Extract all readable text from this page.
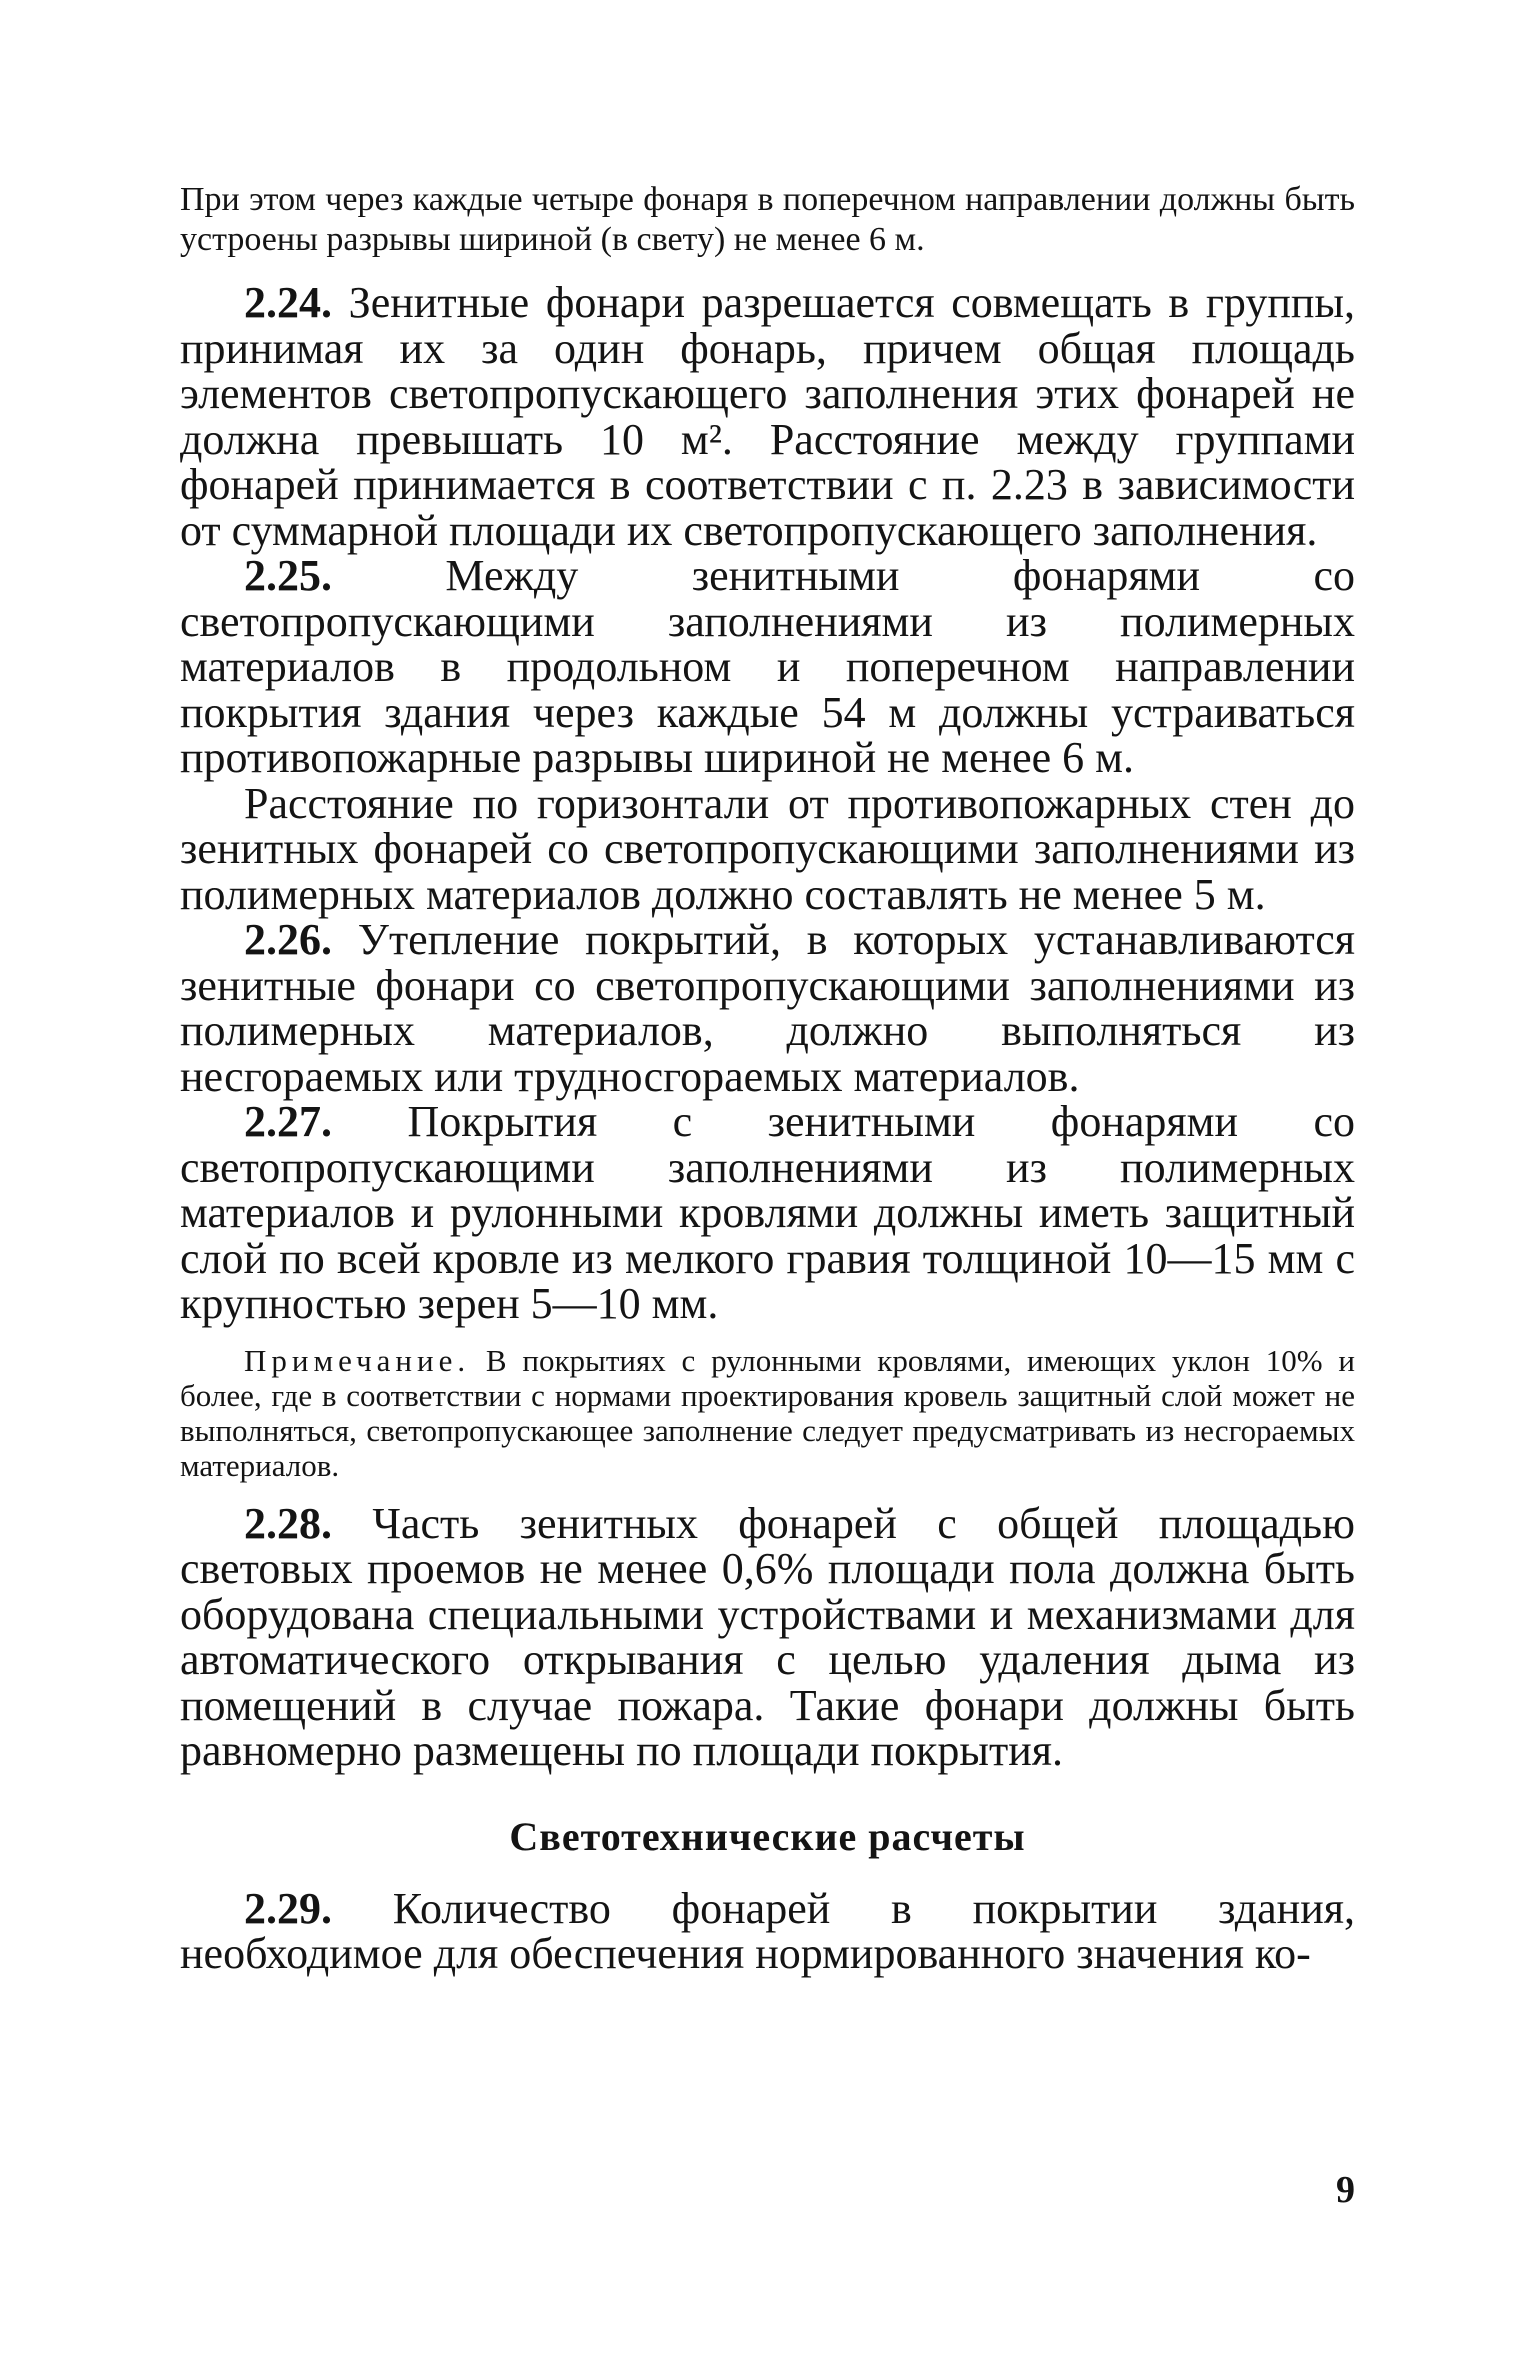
При этом через каждые четыре фонаря в поперечном направлении должны быть устроены разрывы шириной (в свету) не менее 6 м.

2.24. Зенитные фонари разрешается совмещать в группы, принимая их за один фонарь, причем общая площадь элементов светопропускающего заполнения этих фонарей не должна превышать 10 м². Расстояние между группами фонарей принимается в соответствии с п. 2.23 в зависимости от суммарной площади их светопропускающего заполнения.

2.25.	Между зенитными фонарями со светопропускающими заполнениями из полимерных материалов в продольном и поперечном направлении покрытия здания через каждые 54 м должны устраиваться противопожарные разрывы шириной не менее 6 м.

Расстояние по горизонтали от противопожарных стен до зенитных фонарей со светопропускающими заполнениями из полимерных материалов должно составлять не менее 5 м.

2.26. Утепление покрытий, в которых устанавливаются зенитные фонари со светопропускающими заполнениями из полимерных материалов, должно выполняться из несгораемых или трудносгораемых материалов.

2.27. Покрытия с зенитными фонарями со светопропускающими заполнениями из полимерных материалов и рулонными кровлями должны иметь защитный слой по всей кровле из мелкого гравия толщиной 10—15 мм с крупностью зерен 5—10 мм.

Примечание. В покрытиях с рулонными кровлями, имеющих уклон 10% и более, где в соответствии с нормами проектирования кровель защитный слой может не выполняться, светопропускающее заполнение следует предусматривать из несгораемых материалов.

2.28. Часть зенитных фонарей с общей площадью световых проемов не менее 0,6% площади пола должна быть оборудована специальными устройствами и механизмами для автоматического открывания с целью удаления дыма из помещений в случае пожара. Такие фонари должны быть равномерно размещены по площади покрытия.

Светотехнические расчеты

2.29. Количество фонарей в покрытии здания, необходимое для обеспечения нормированного значения ко-

9
